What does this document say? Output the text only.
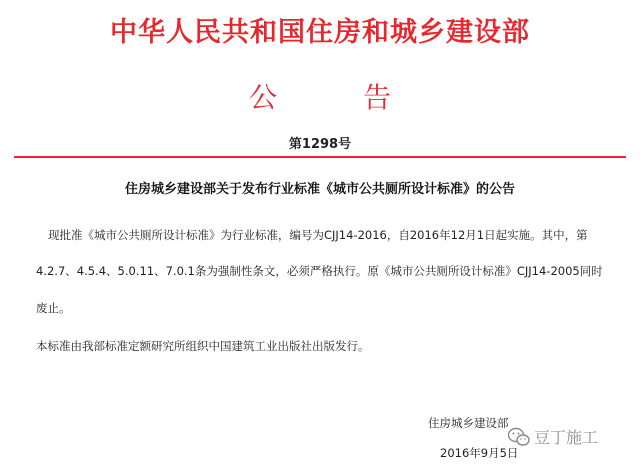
中华人民共和国住房和城乡建设部
公告
第1298号
住房城乡建设部关于发布行业标准《城市公共厕所设计标准》的公告
现批准《城市公共厕所设计标准》为行业标准，编号为CJJ14-2016，自2016年12月1日起实施。其中，第
4.2.7、4.5.4、5.0.11、7.0.1条为强制性条文，必须严格执行。原《城市公共厕所设计标准》CJJ14-2005同时
废止。
本标准由我部标准定额研究所组织中国建筑工业出版社出版发行。
住房城乡建设部
2016年9月5日
豆丁施工
